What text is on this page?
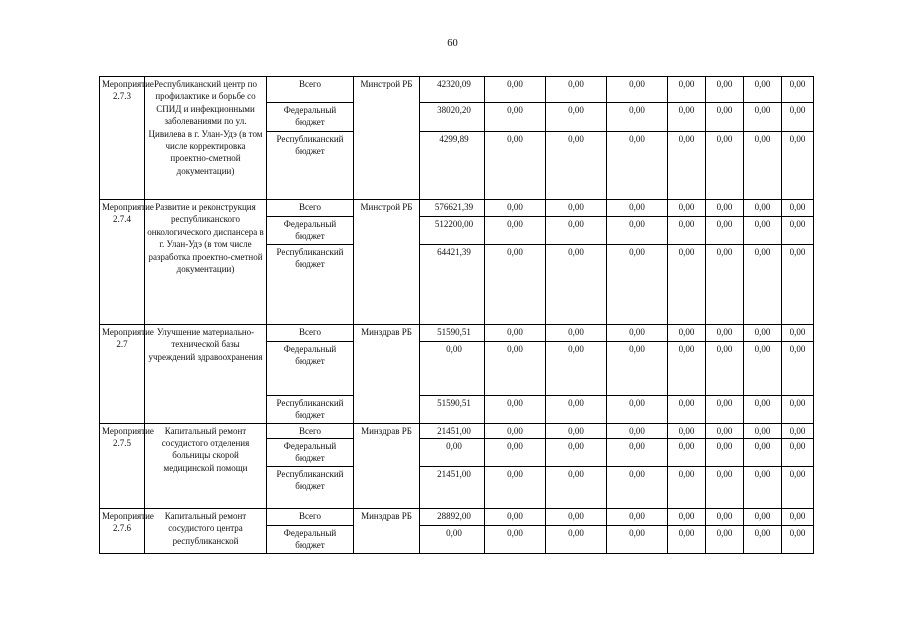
60
Мероприятие 2.7.3	Республиканский центр по профилактике и борьбе со СПИД и инфекционными заболеваниями по ул. Цивилева в г. Улан-Удэ (в том числе корректировка проектно-сметной документации)	Всего	Минстрой РБ	42320,09	0,00	0,00	0,00	0,00	0,00	0,00	0,00
		Федеральный бюджет		38020,20	0,00	0,00	0,00	0,00	0,00	0,00	0,00
		Республиканский бюджет		4299,89	0,00	0,00	0,00	0,00	0,00	0,00	0,00
Мероприятие 2.7.4	Развитие и реконструкция республиканского онкологического диспансера в г. Улан-Удэ (в том числе разработка проектно-сметной документации)	Всего	Минстрой РБ	576621,39	0,00	0,00	0,00	0,00	0,00	0,00	0,00
		Федеральный бюджет		512200,00	0,00	0,00	0,00	0,00	0,00	0,00	0,00
		Республиканский бюджет		64421,39	0,00	0,00	0,00	0,00	0,00	0,00	0,00
Мероприятие 2.7	Улучшение материально-технической базы учреждений здравоохранения	Всего	Минздрав РБ	51590,51	0,00	0,00	0,00	0,00	0,00	0,00	0,00
		Федеральный бюджет		0,00	0,00	0,00	0,00	0,00	0,00	0,00	0,00
		Республиканский бюджет		51590,51	0,00	0,00	0,00	0,00	0,00	0,00	0,00
Мероприятие 2.7.5	Капитальный ремонт сосудистого отделения больницы скорой медицинской помощи	Всего	Минздрав РБ	21451,00	0,00	0,00	0,00	0,00	0,00	0,00	0,00
		Федеральный бюджет		0,00	0,00	0,00	0,00	0,00	0,00	0,00	0,00
		Республиканский бюджет		21451,00	0,00	0,00	0,00	0,00	0,00	0,00	0,00
Мероприятие 2.7.6	Капитальный ремонт сосудистого центра республиканской	Всего	Минздрав РБ	28892,00	0,00	0,00	0,00	0,00	0,00	0,00	0,00
		Федеральный бюджет		0,00	0,00	0,00	0,00	0,00	0,00	0,00	0,00
